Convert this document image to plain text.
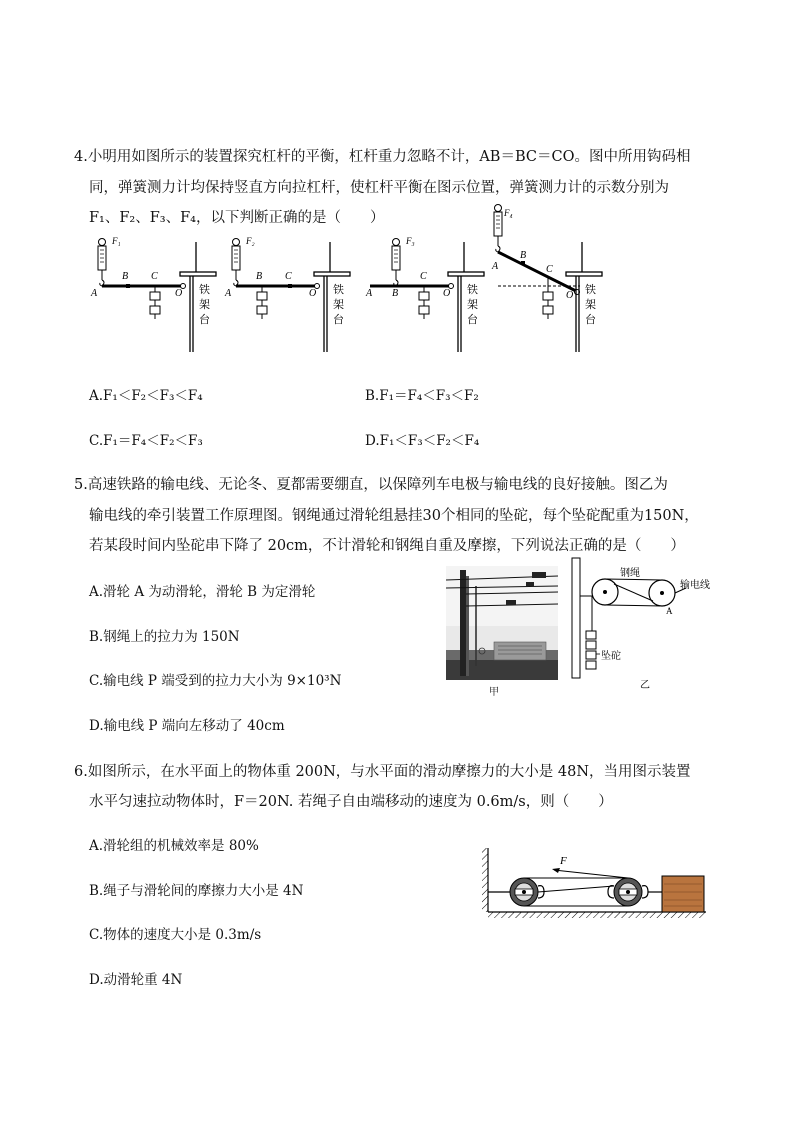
4.小明用如图所示的装置探究杠杆的平衡，杠杆重力忽略不计，AB＝BC＝CO。图中所用钩码相
同，弹簧测力计均保持竖直方向拉杠杆，使杠杆平衡在图示位置，弹簧测力计的示数分别为
F₁、F₂、F₃、F₄，以下判断正确的是（　　）
F₁
A
B C
O 铁
架
台
F₂
A
B C
O 铁
架
台
F₃
A B
C
O 铁
架
台
F₄
A
B
C
O 铁
架
台
A.F₁＜F₂＜F₃＜F₄	B.F₁＝F₄＜F₃＜F₂
C.F₁＝F₄＜F₂＜F₃	D.F₁＜F₃＜F₂＜F₄
5.高速铁路的输电线、无论冬、夏都需要绷直，以保障列车电极与输电线的良好接触。图乙为
输电线的牵引装置工作原理图。钢绳通过滑轮组悬挂30个相同的坠砣，每个坠砣配重为150N，
若某段时间内坠砣串下降了 20cm，不计滑轮和钢绳自重及摩擦，下列说法正确的是（　　）
A.滑轮 A 为动滑轮，滑轮 B 为定滑轮
B.钢绳上的拉力为 150N
C.输电线 P 端受到的拉力大小为 9×10³N
D.输电线 P 端向左移动了 40cm
甲
钢绳
输电线
A
坠砣
乙
6.如图所示，在水平面上的物体重 200N，与水平面的滑动摩擦力的大小是 48N，当用图示装置
水平匀速拉动物体时，F＝20N. 若绳子自由端移动的速度为 0.6m/s，则（　　）
A.滑轮组的机械效率是 80%
B.绳子与滑轮间的摩擦力大小是 4N
C.物体的速度大小是 0.3m/s
D.动滑轮重 4N
F
